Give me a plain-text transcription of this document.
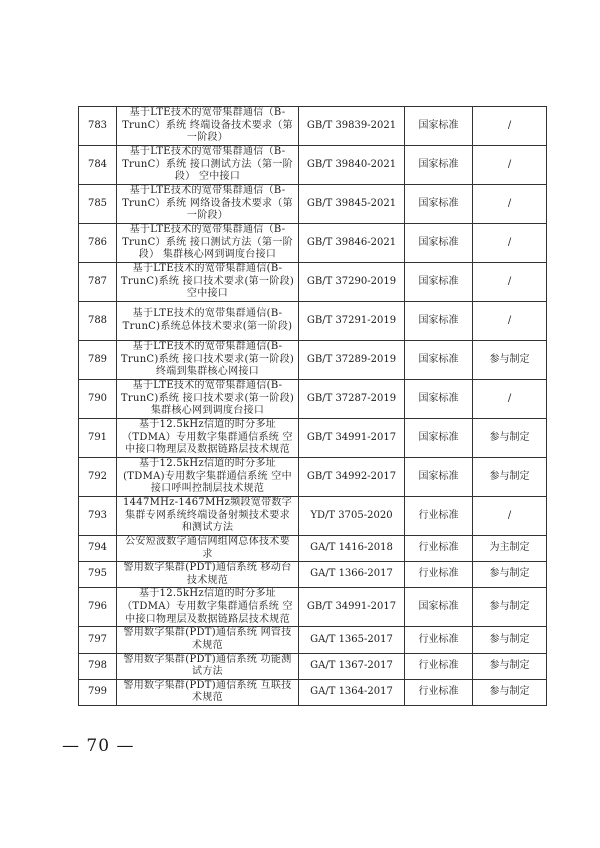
783	基于LTE技术的宽带集群通信（B-TrunC）系统 终端设备技术要求（第一阶段）	GB/T 39839-2021	国家标准	/
784	基于LTE技术的宽带集群通信（B-TrunC）系统 接口测试方法（第一阶段） 空中接口	GB/T 39840-2021	国家标准	/
785	基于LTE技术的宽带集群通信（B-TrunC）系统 网络设备技术要求（第一阶段）	GB/T 39845-2021	国家标准	/
786	基于LTE技术的宽带集群通信（B-TrunC）系统 接口测试方法（第一阶段） 集群核心网到调度台接口	GB/T 39846-2021	国家标准	/
787	基于LTE技术的宽带集群通信(B-TrunC)系统 接口技术要求(第一阶段) 空中接口	GB/T 37290-2019	国家标准	/
788	基于LTE技术的宽带集群通信(B-TrunC)系统总体技术要求(第一阶段)	GB/T 37291-2019	国家标准	/
789	基于LTE技术的宽带集群通信(B-TrunC)系统 接口技术要求(第一阶段) 终端到集群核心网接口	GB/T 37289-2019	国家标准	参与制定
790	基于LTE技术的宽带集群通信(B-TrunC)系统 接口技术要求(第一阶段) 集群核心网到调度台接口	GB/T 37287-2019	国家标准	/
791	基于12.5kHz信道的时分多址（TDMA）专用数字集群通信系统 空中接口物理层及数据链路层技术规范	GB/T 34991-2017	国家标准	参与制定
792	基于12.5kHz信道的时分多址(TDMA)专用数字集群通信系统 空中接口呼叫控制层技术规范	GB/T 34992-2017	国家标准	参与制定
793	1447MHz-1467MHz频段宽带数字集群专网系统终端设备射频技术要求和测试方法	YD/T 3705-2020	行业标准	/
794	公安短波数字通信网组网总体技术要求	GA/T 1416-2018	行业标准	为主制定
795	警用数字集群(PDT)通信系统 移动台技术规范	GA/T 1366-2017	行业标准	参与制定
796	基于12.5kHz信道的时分多址（TDMA）专用数字集群通信系统 空中接口物理层及数据链路层技术规范	GB/T 34991-2017	国家标准	参与制定
797	警用数字集群(PDT)通信系统 网管技术规范	GA/T 1365-2017	行业标准	参与制定
798	警用数字集群(PDT)通信系统 功能测试方法	GA/T 1367-2017	行业标准	参与制定
799	警用数字集群(PDT)通信系统 互联技术规范	GA/T 1364-2017	行业标准	参与制定
— 70 —
